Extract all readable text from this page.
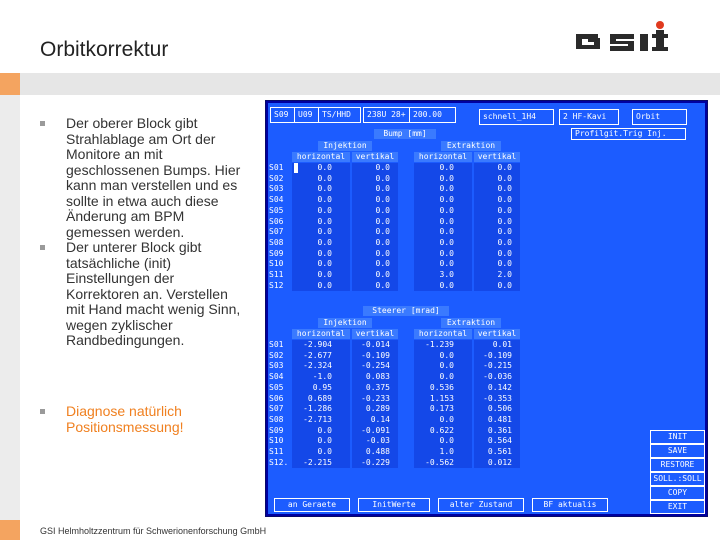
Orbitkorrektur
Der oberer Block gibt Strahlablage am Ort der Monitore an mit geschlossenen Bumps. Hier kann man verstellen und es sollte in etwa auch diese Änderung am BPM gemessen werden.
Der unterer Block gibt tatsächliche (init) Einstellungen der Korrektoren an. Verstellen mit Hand macht wenig Sinn, wegen zyklischer Randbedingungen.
Diagnose natürlich Positionsmessung!
GSI Helmholtzzentrum für Schwerionenforschung GmbH
S09	U09	TS/HHD	238U 28+ 200.00	schnell_1H4	2 HF-Kavi	Orbit
Bump [mm]	Profilgit.Trig Inj.
Injektion	Extraktion
horizontal	vertikal	horizontal	vertikal
S01	0.0	0.0	0.0	0.0
S02	0.0	0.0	0.0	0.0
S03	0.0	0.0	0.0	0.0
S04	0.0	0.0	0.0	0.0
S05	0.0	0.0	0.0	0.0
S06	0.0	0.0	0.0	0.0
S07	0.0	0.0	0.0	0.0
S08	0.0	0.0	0.0	0.0
S09	0.0	0.0	0.0	0.0
S10	0.0	0.0	0.0	0.0
S11	0.0	0.0	3.0	2.0
S12	0.0	0.0	0.0	0.0
Steerer [mrad]
Injektion	Extraktion
horizontal	vertikal	horizontal	vertikal
S01	-2.904	-0.014	-1.239	0.01
S02	-2.677	-0.109	0.0	-0.109
S03	-2.324	-0.254	0.0	-0.215
S04	-1.0	0.083	0.0	-0.036
S05	0.95	0.375	0.536	0.142
S06	0.689	-0.233	1.153	-0.353
S07	-1.286	0.289	0.173	0.506
S08	-2.713	0.14	0.0	0.481
S09	0.0	-0.091	0.622	0.361
S10	0.0	-0.03	0.0	0.564
S11	0.0	0.488	1.0	0.561
S12.	-2.215	-0.229	-0.562	0.012
INIT
SAVE
RESTORE
SOLL.:SOLL
COPY
EXIT
an Geraete	InitWerte	alter Zustand	BF aktualis
